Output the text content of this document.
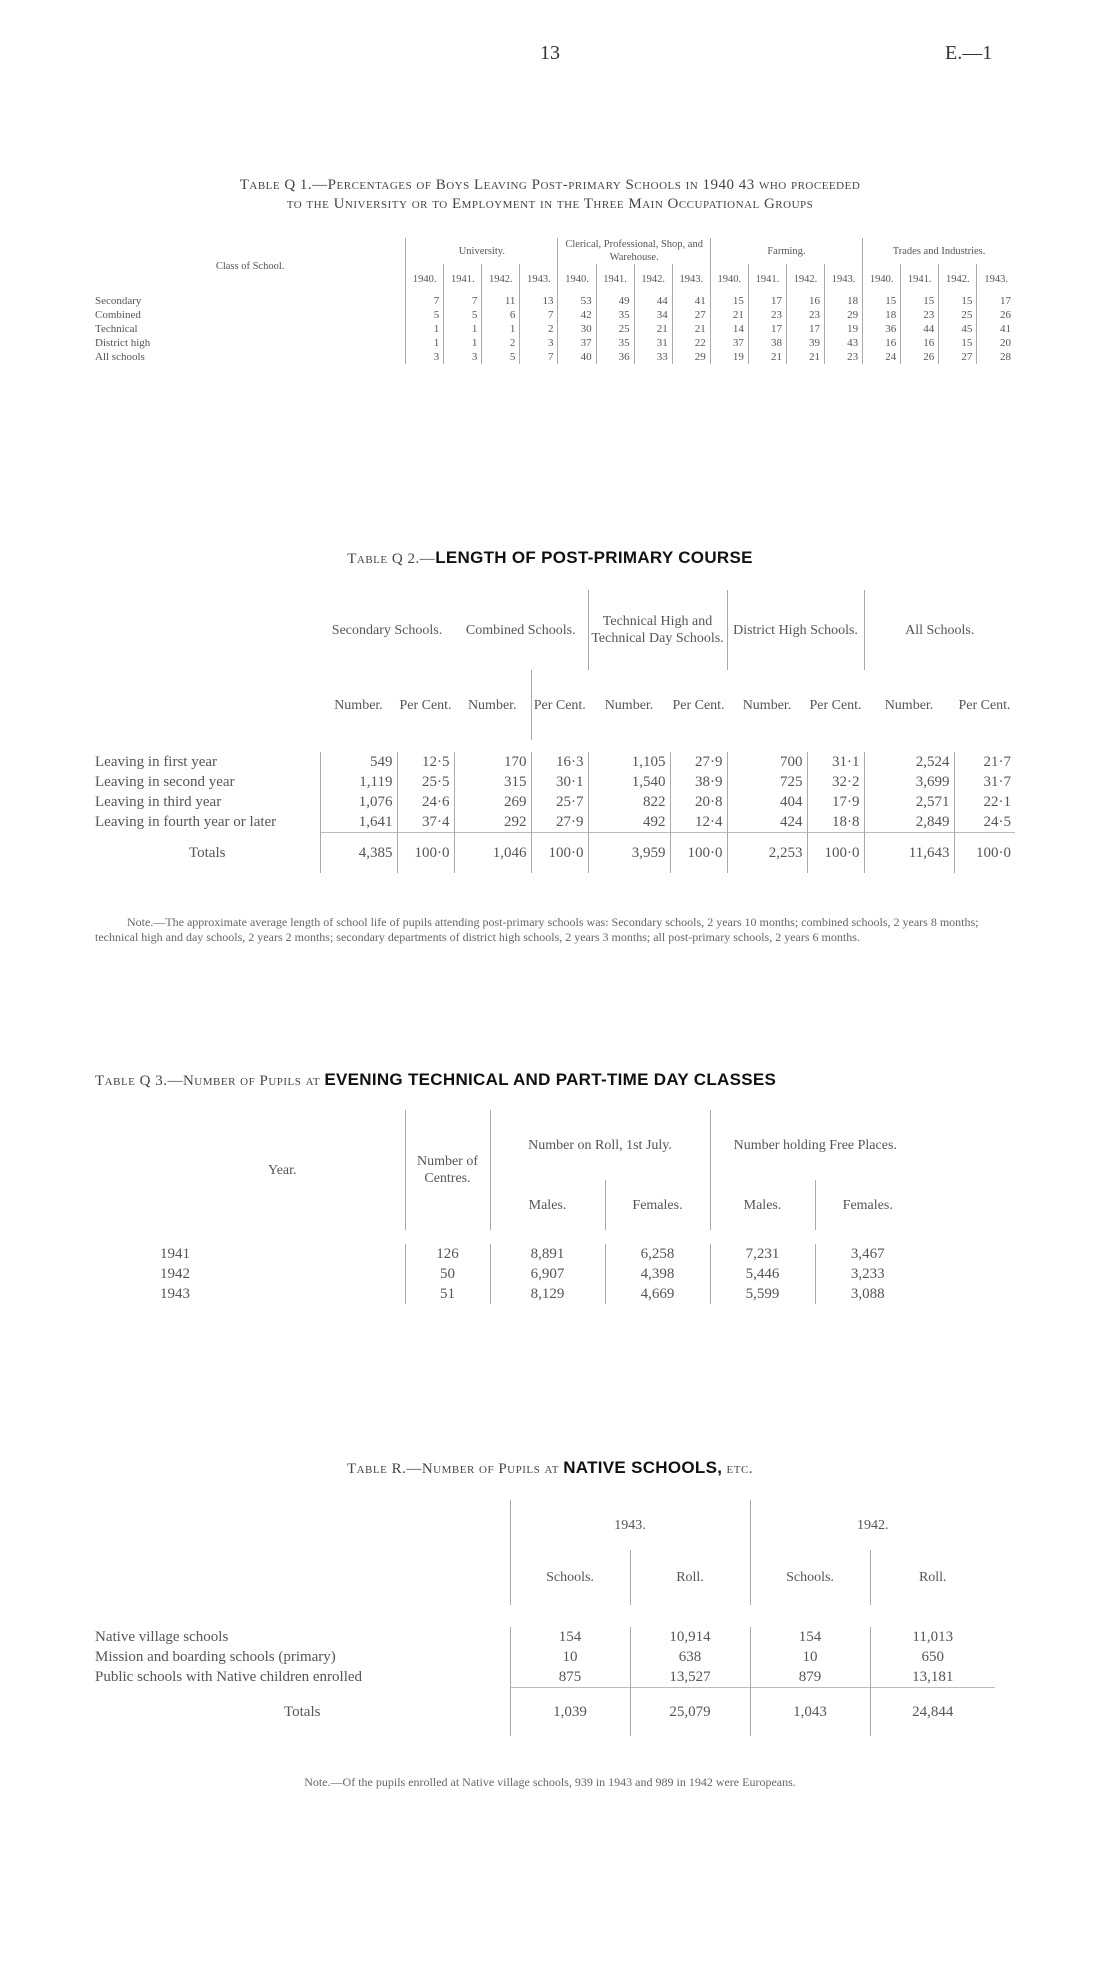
13	E.—1
Table Q 1.—Percentages of Boys Leaving Post-primary Schools in 1940 43 who proceeded
to the University or to Employment in the Three Main Occupational Groups
Class of School.	University.				Clerical, Professional, Shop, and Warehouse.				Farming.				Trades and Industries.			
	1940.	1941.	1942.	1943.	1940.	1941.	1942.	1943.	1940.	1941.	1942.	1943.	1940.	1941.	1942.	1943.
Secondary	7	7	11	13	53	49	44	41	15	17	16	18	15	15	15	17
Combined	5	5	6	7	42	35	34	27	21	23	23	29	18	23	25	26
Technical	1	1	1	2	30	25	21	21	14	17	17	19	36	44	45	41
District high	1	1	2	3	37	35	31	22	37	38	39	43	16	16	15	20
All schools	3	3	5	7	40	36	33	29	19	21	21	23	24	26	27	28
Table Q 2.—LENGTH OF POST-PRIMARY COURSE
	Secondary Schools.		Combined Schools.		Technical High and Technical Day Schools.		District High Schools.		All Schools.	
	Number.	Per Cent.	Number.	Per Cent.	Number.	Per Cent.	Number.	Per Cent.	Number.	Per Cent.

Leaving in first year	549	12·5	170	16·3	1,105	27·9	700	31·1	2,524	21·7
Leaving in second year	1,119	25·5	315	30·1	1,540	38·9	725	32·2	3,699	31·7
Leaving in third year	1,076	24·6	269	25·7	822	20·8	404	17·9	2,571	22·1
Leaving in fourth year or later	1,641	37·4	292	27·9	492	12·4	424	18·8	2,849	24·5
Totals	4,385	100·0	1,046	100·0	3,959	100·0	2,253	100·0	11,643	100·0
Note.—The approximate average length of school life of pupils attending post-primary schools was: Secondary schools, 2 years 10 months; combined schools, 2 years 8 months; technical high and day schools, 2 years 2 months; secondary departments of district high schools, 2 years 3 months; all post-primary schools, 2 years 6 months.
Table Q 3.—Number of Pupils at EVENING TECHNICAL AND PART-TIME DAY CLASSES
Year.	Number of Centres.	Number on Roll, 1st July.		Number holding Free Places.	
		Males.	Females.	Males.	Females.

1941	126	8,891	6,258	7,231	3,467
1942	50	6,907	4,398	5,446	3,233
1943	51	8,129	4,669	5,599	3,088
Table R.—Number of Pupils at NATIVE SCHOOLS, etc.
	1943.		1942.	
	Schools.	Roll.	Schools.	Roll.

Native village schools	154	10,914	154	11,013
Mission and boarding schools (primary)	10	638	10	650
Public schools with Native children enrolled	875	13,527	879	13,181
Totals	1,039	25,079	1,043	24,844
Note.—Of the pupils enrolled at Native village schools, 939 in 1943 and 989 in 1942 were Europeans.
